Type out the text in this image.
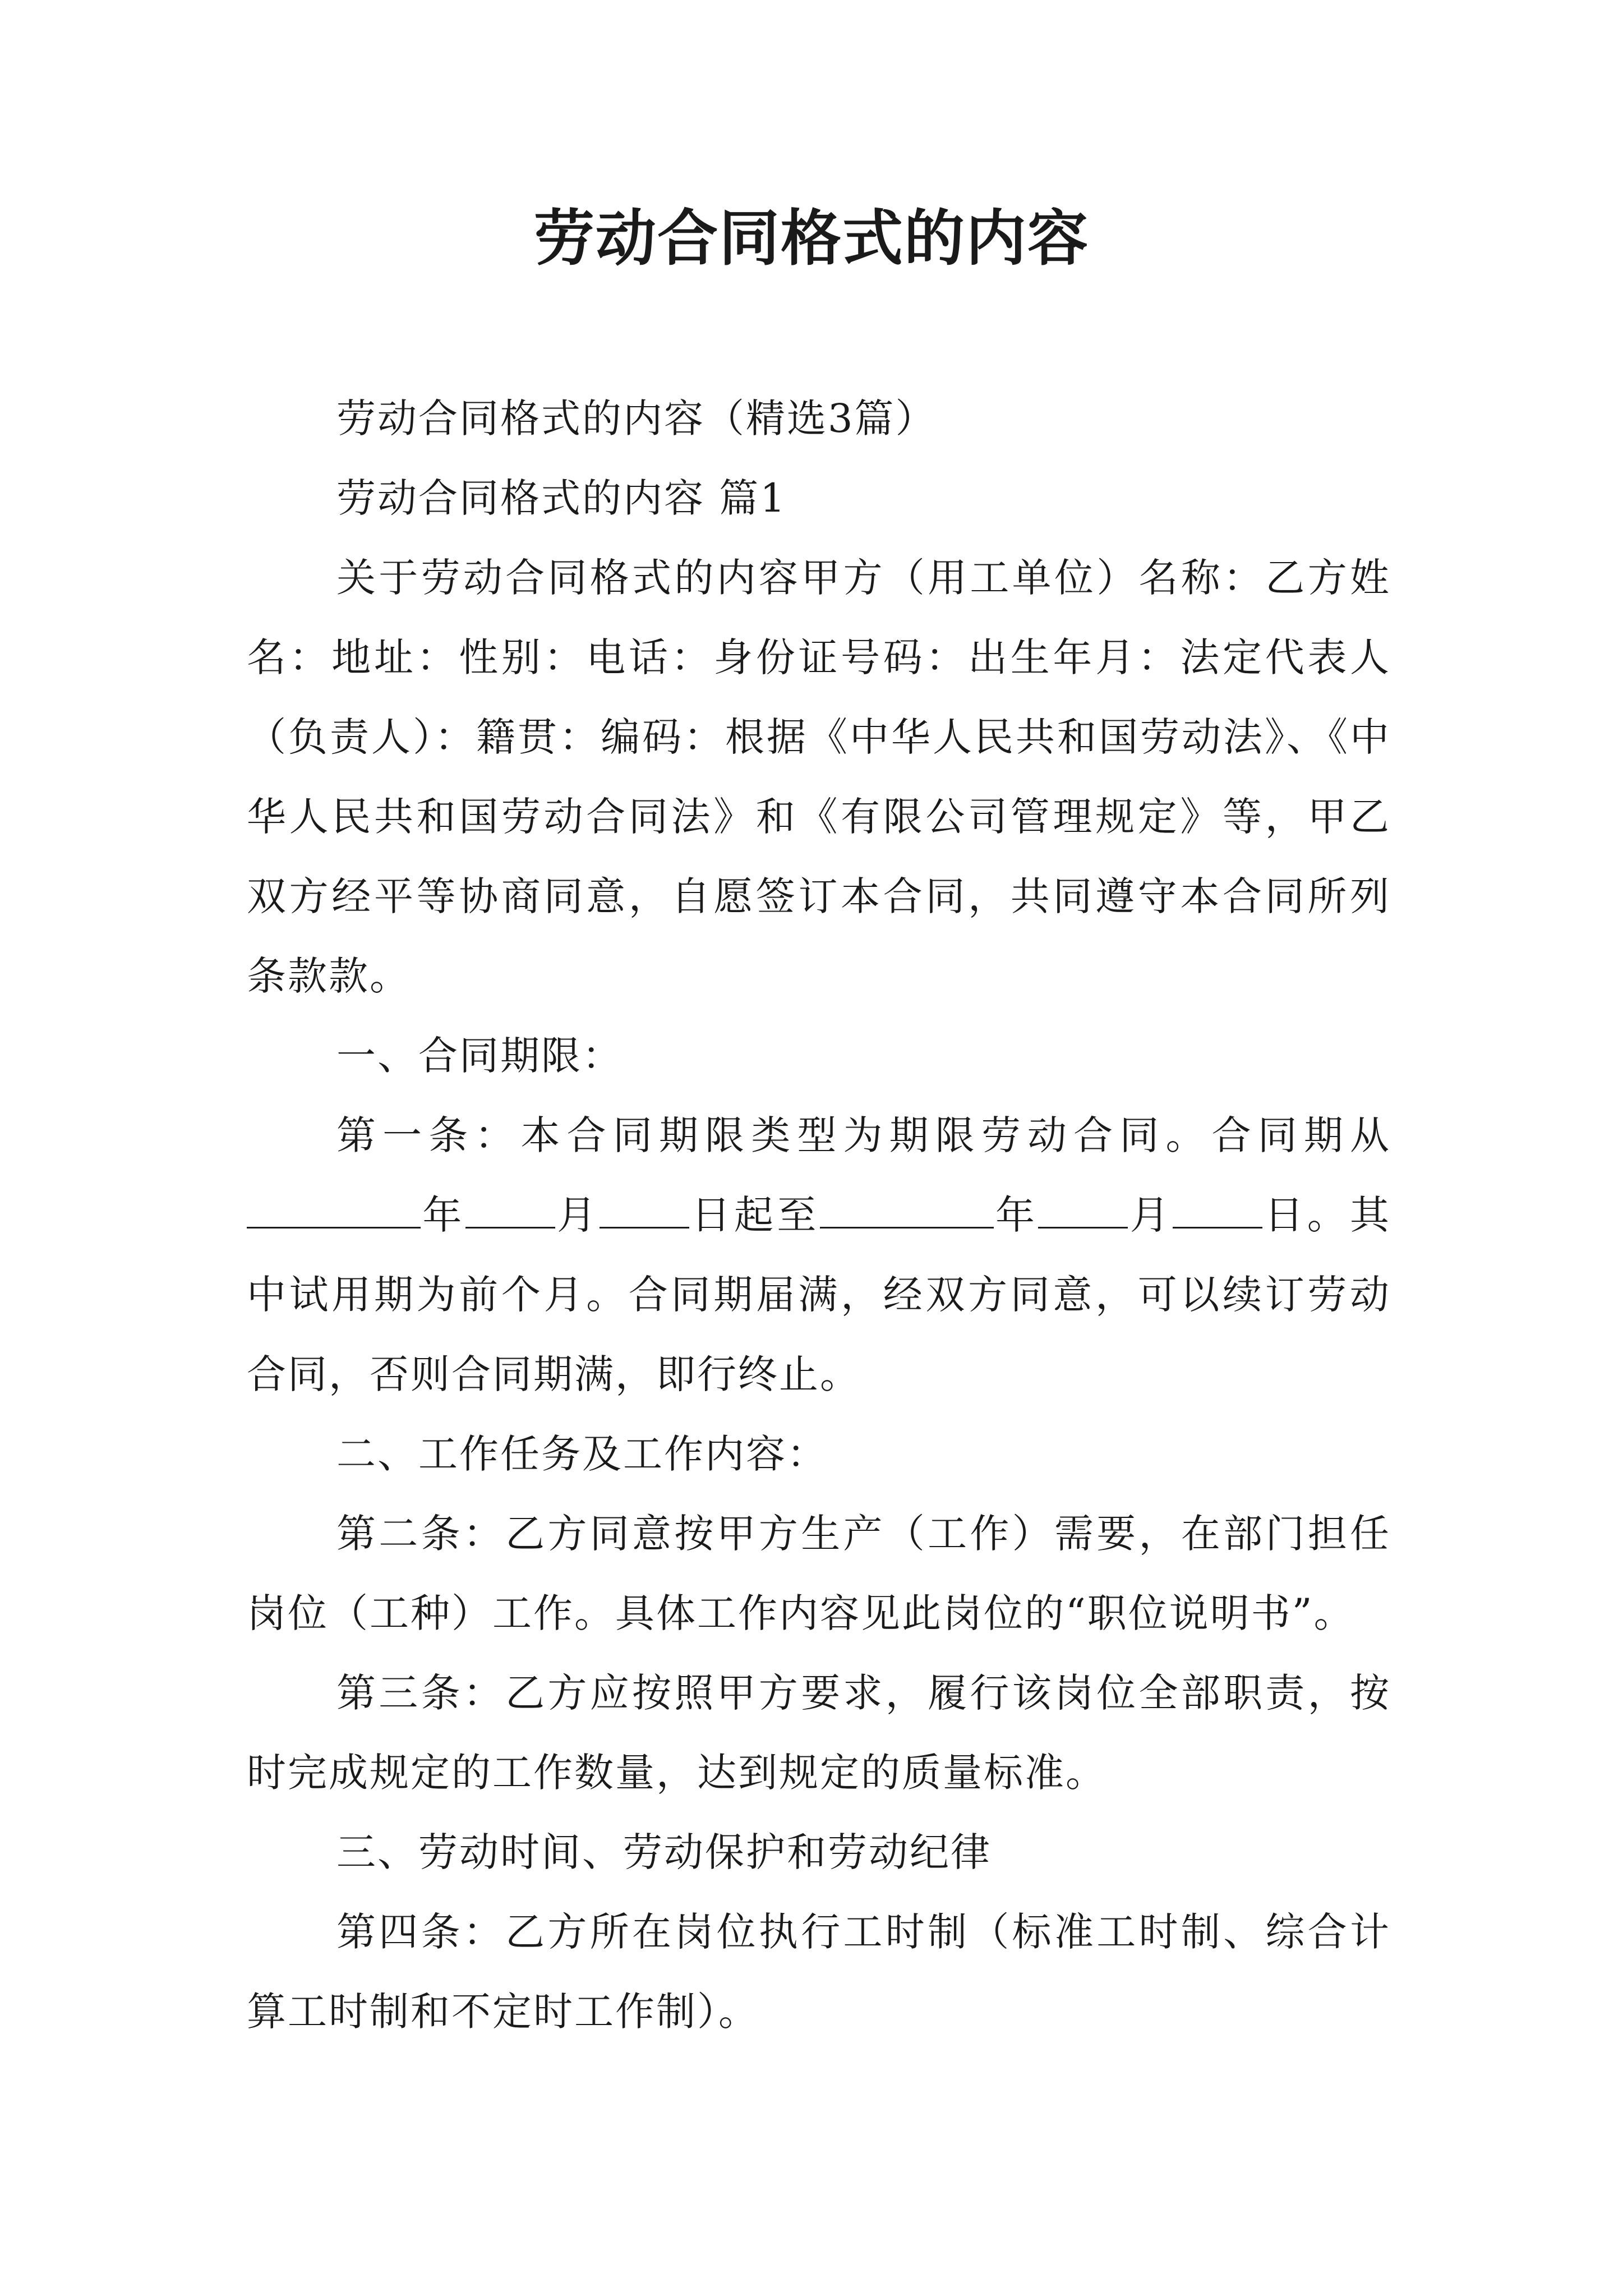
劳动合同格式的内容

劳动合同格式的内容（精选3篇）

劳动合同格式的内容 篇1

关于劳动合同格式的内容甲方（用工单位）名称：乙方姓名：地址：性别：电话：身份证号码：出生年月：法定代表人（负责人）：籍贯：编码：根据《中华人民共和国劳动法》、《中华人民共和国劳动合同法》和《有限公司管理规定》等，甲乙双方经平等协商同意，自愿签订本合同，共同遵守本合同所列条款款。

一、合同期限：

第一条：本合同期限类型为期限劳动合同。合同期从年 月 日起至	年 月 日。其中试用期为前个月。合同期届满，经双方同意，可以续订劳动合同，否则合同期满，即行终止。

二、工作任务及工作内容：

第二条：乙方同意按甲方生产（工作）需要，在部门担任岗位（工种）工作。具体工作内容见此岗位的“职位说明书”。

第三条：乙方应按照甲方要求，履行该岗位全部职责，按时完成规定的工作数量，达到规定的质量标准。

三、劳动时间、劳动保护和劳动纪律

第四条：乙方所在岗位执行工时制（标准工时制、综合计算工时制和不定时工作制）。
